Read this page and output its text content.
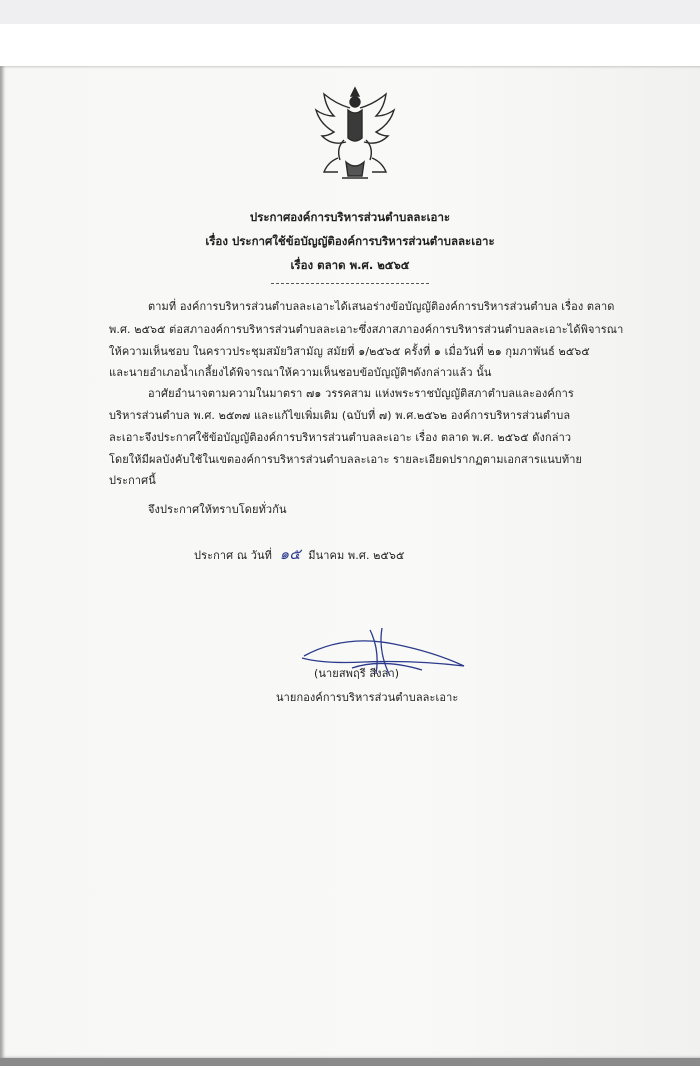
ประกาศองค์การบริหารส่วนตำบลละเอาะ
เรื่อง ประกาศใช้ข้อบัญญัติองค์การบริหารส่วนตำบลละเอาะ
เรื่อง ตลาด พ.ศ. ๒๕๖๕
ตามที่ องค์การบริหารส่วนตำบลละเอาะได้เสนอร่างข้อบัญญัติองค์การบริหารส่วนตำบล เรื่อง ตลาด
พ.ศ. ๒๕๖๕ ต่อสภาองค์การบริหารส่วนตำบลละเอาะซึ่งสภาสภาองค์การบริหารส่วนตำบลละเอาะได้พิจารณา
ให้ความเห็นชอบ ในคราวประชุมสมัยวิสามัญ สมัยที่ ๑/๒๕๖๕ ครั้งที่ ๑ เมื่อวันที่ ๒๑ กุมภาพันธ์ ๒๕๖๕
และนายอำเภอน้ำเกลี้ยงได้พิจารณาให้ความเห็นชอบข้อบัญญัติฯดังกล่าวแล้ว นั้น
อาศัยอำนาจตามความในมาตรา ๗๑ วรรคสาม แห่งพระราชบัญญัติสภาตำบลและองค์การ
บริหารส่วนตำบล พ.ศ. ๒๕๓๗ และแก้ไขเพิ่มเติม (ฉบับที่ ๗) พ.ศ.๒๕๖๒ องค์การบริหารส่วนตำบล
ละเอาะจึงประกาศใช้ข้อบัญญัติองค์การบริหารส่วนตำบลละเอาะ เรื่อง ตลาด พ.ศ. ๒๕๖๕ ดังกล่าว
โดยให้มีผลบังคับใช้ในเขตองค์การบริหารส่วนตำบลละเอาะ รายละเอียดปรากฏตามเอกสารแนบท้าย
ประกาศนี้
จึงประกาศให้ทราบโดยทั่วกัน
ประกาศ ณ วันที่ ๑๕ มีนาคม พ.ศ. ๒๕๖๕
(นายสพฤรี สีงลา)
นายกองค์การบริหารส่วนตำบลละเอาะ
